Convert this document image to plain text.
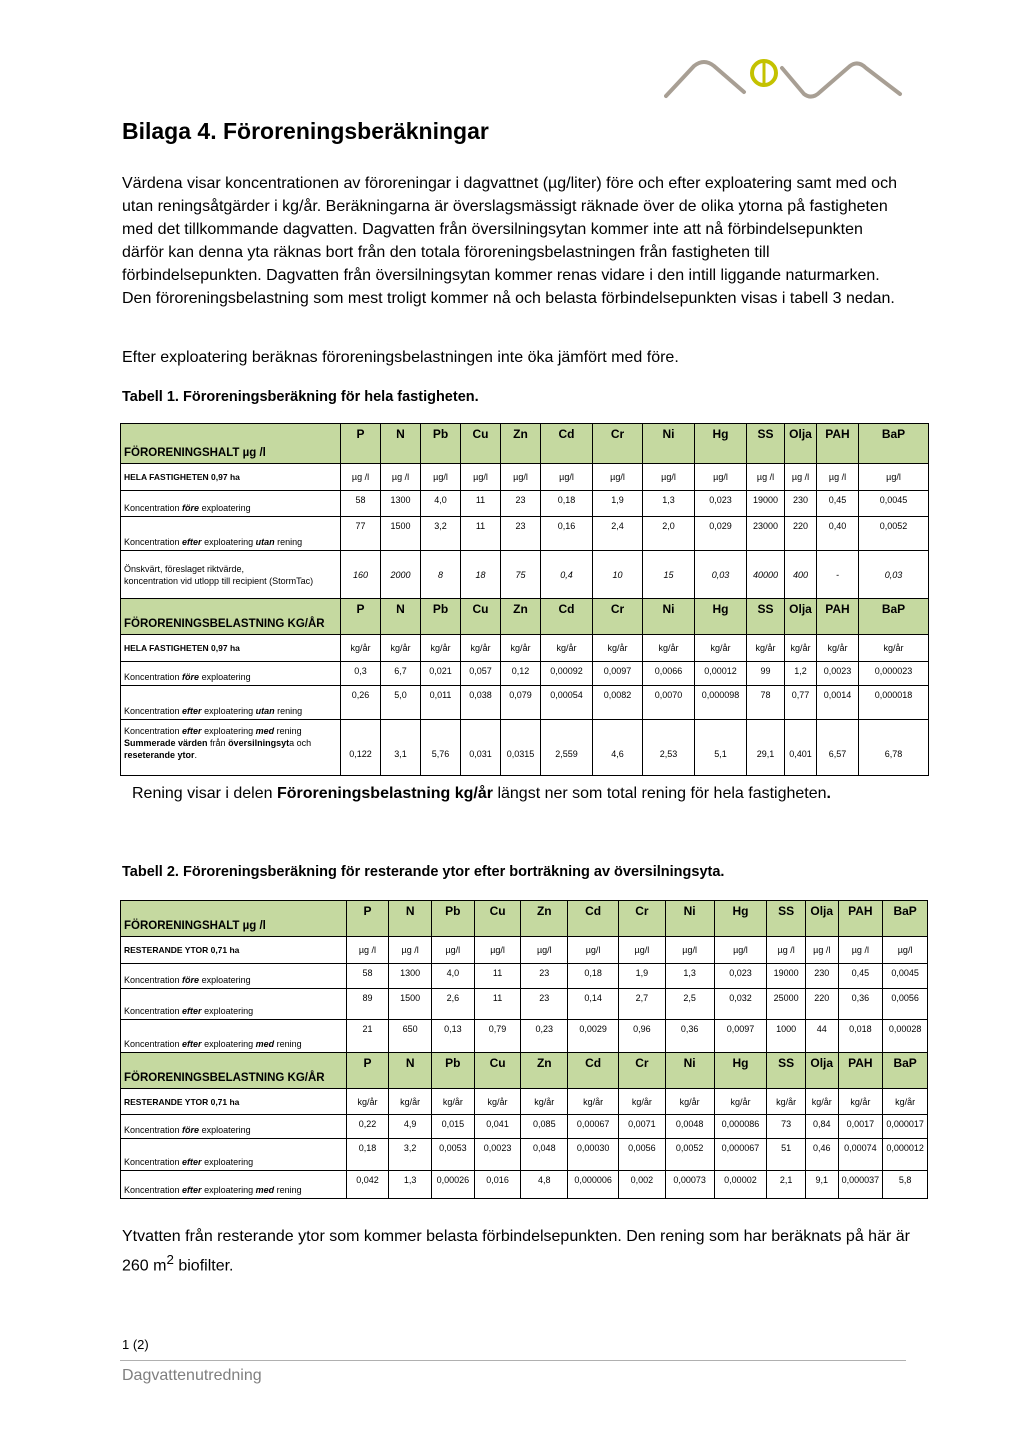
Bilaga 4. Föroreningsberäkningar

Värdena visar koncentrationen av föroreningar i dagvattnet (µg/liter) före och efter exploatering samt med och utan reningsåtgärder i kg/år. Beräkningarna är överslagsmässigt räknade över de olika ytorna på fastigheten med det tillkommande dagvatten. Dagvatten från översilningsytan kommer inte att nå förbindelsepunkten därför kan denna yta räknas bort från den totala föroreningsbelastningen från fastigheten till förbindelsepunkten. Dagvatten från översilningsytan kommer renas vidare i den intill liggande naturmarken. Den föroreningsbelastning som mest troligt kommer nå och belasta förbindelsepunkten visas i tabell 3 nedan.

Efter exploatering beräknas föroreningsbelastningen inte öka jämfört med före.

Tabell 1. Föroreningsberäkning för hela fastigheten.

FÖRORENINGSHALT µg /l	P	N	Pb	Cu	Zn	Cd	Cr	Ni	Hg	SS	Olja	PAH	BaP
HELA FASTIGHETEN 0,97 ha	µg /l	µg /l	µg/l	µg/l	µg/l	µg/l	µg/l	µg/l	µg/l	µg /l	µg /l	µg /l	µg/l
Koncentration före exploatering	58	1300	4,0	11	23	0,18	1,9	1,3	0,023	19000	230	0,45	0,0045
Koncentration efter exploatering utan rening	77	1500	3,2	11	23	0,16	2,4	2,0	0,029	23000	220	0,40	0,0052
Önskvärt, föreslaget riktvärde,
koncentration vid utlopp till recipient (StormTac)	160	2000	8	18	75	0,4	10	15	0,03	40000	400	-	0,03
FÖRORENINGSBELASTNING KG/ÅR	P	N	Pb	Cu	Zn	Cd	Cr	Ni	Hg	SS	Olja	PAH	BaP
HELA FASTIGHETEN 0,97 ha	kg/år	kg/år	kg/år	kg/år	kg/år	kg/år	kg/år	kg/år	kg/år	kg/år	kg/år	kg/år	kg/år
Koncentration före exploatering	0,3	6,7	0,021	0,057	0,12	0,00092	0,0097	0,0066	0,00012	99	1,2	0,0023	0,000023
Koncentration efter exploatering utan rening	0,26	5,0	0,011	0,038	0,079	0,00054	0,0082	0,0070	0,000098	78	0,77	0,0014	0,000018
Koncentration efter exploatering med rening
Summerade värden från översilningsyta och
reseterande ytor.	0,122	3,1	5,76	0,031	0,0315	2,559	4,6	2,53	5,1	29,1	0,401	6,57	6,78

Rening visar i delen Föroreningsbelastning kg/år längst ner som total rening för hela fastigheten.

Tabell 2. Föroreningsberäkning för resterande ytor efter borträkning av översilningsyta.

FÖRORENINGSHALT µg /l	P	N	Pb	Cu	Zn	Cd	Cr	Ni	Hg	SS	Olja	PAH	BaP
RESTERANDE YTOR 0,71 ha	µg /l	µg /l	µg/l	µg/l	µg/l	µg/l	µg/l	µg/l	µg/l	µg /l	µg /l	µg /l	µg/l
Koncentration före exploatering	58	1300	4,0	11	23	0,18	1,9	1,3	0,023	19000	230	0,45	0,0045
Koncentration efter exploatering	89	1500	2,6	11	23	0,14	2,7	2,5	0,032	25000	220	0,36	0,0056
Koncentration efter exploatering med rening	21	650	0,13	0,79	0,23	0,0029	0,96	0,36	0,0097	1000	44	0,018	0,00028
FÖRORENINGSBELASTNING KG/ÅR	P	N	Pb	Cu	Zn	Cd	Cr	Ni	Hg	SS	Olja	PAH	BaP
RESTERANDE YTOR 0,71 ha	kg/år	kg/år	kg/år	kg/år	kg/år	kg/år	kg/år	kg/år	kg/år	kg/år	kg/år	kg/år	kg/år
Koncentration före exploatering	0,22	4,9	0,015	0,041	0,085	0,00067	0,0071	0,0048	0,000086	73	0,84	0,0017	0,000017
Koncentration efter exploatering	0,18	3,2	0,0053	0,0023	0,048	0,00030	0,0056	0,0052	0,000067	51	0,46	0,00074	0,000012
Koncentration efter exploatering med rening	0,042	1,3	0,00026	0,016	4,8	0,000006	0,002	0,00073	0,00002	2,1	9,1	0,000037	5,8

Ytvatten från resterande ytor som kommer belasta förbindelsepunkten. Den rening som har beräknats på här är 260 $m^2$ biofilter.

1 (2)
Dagvattenutredning
